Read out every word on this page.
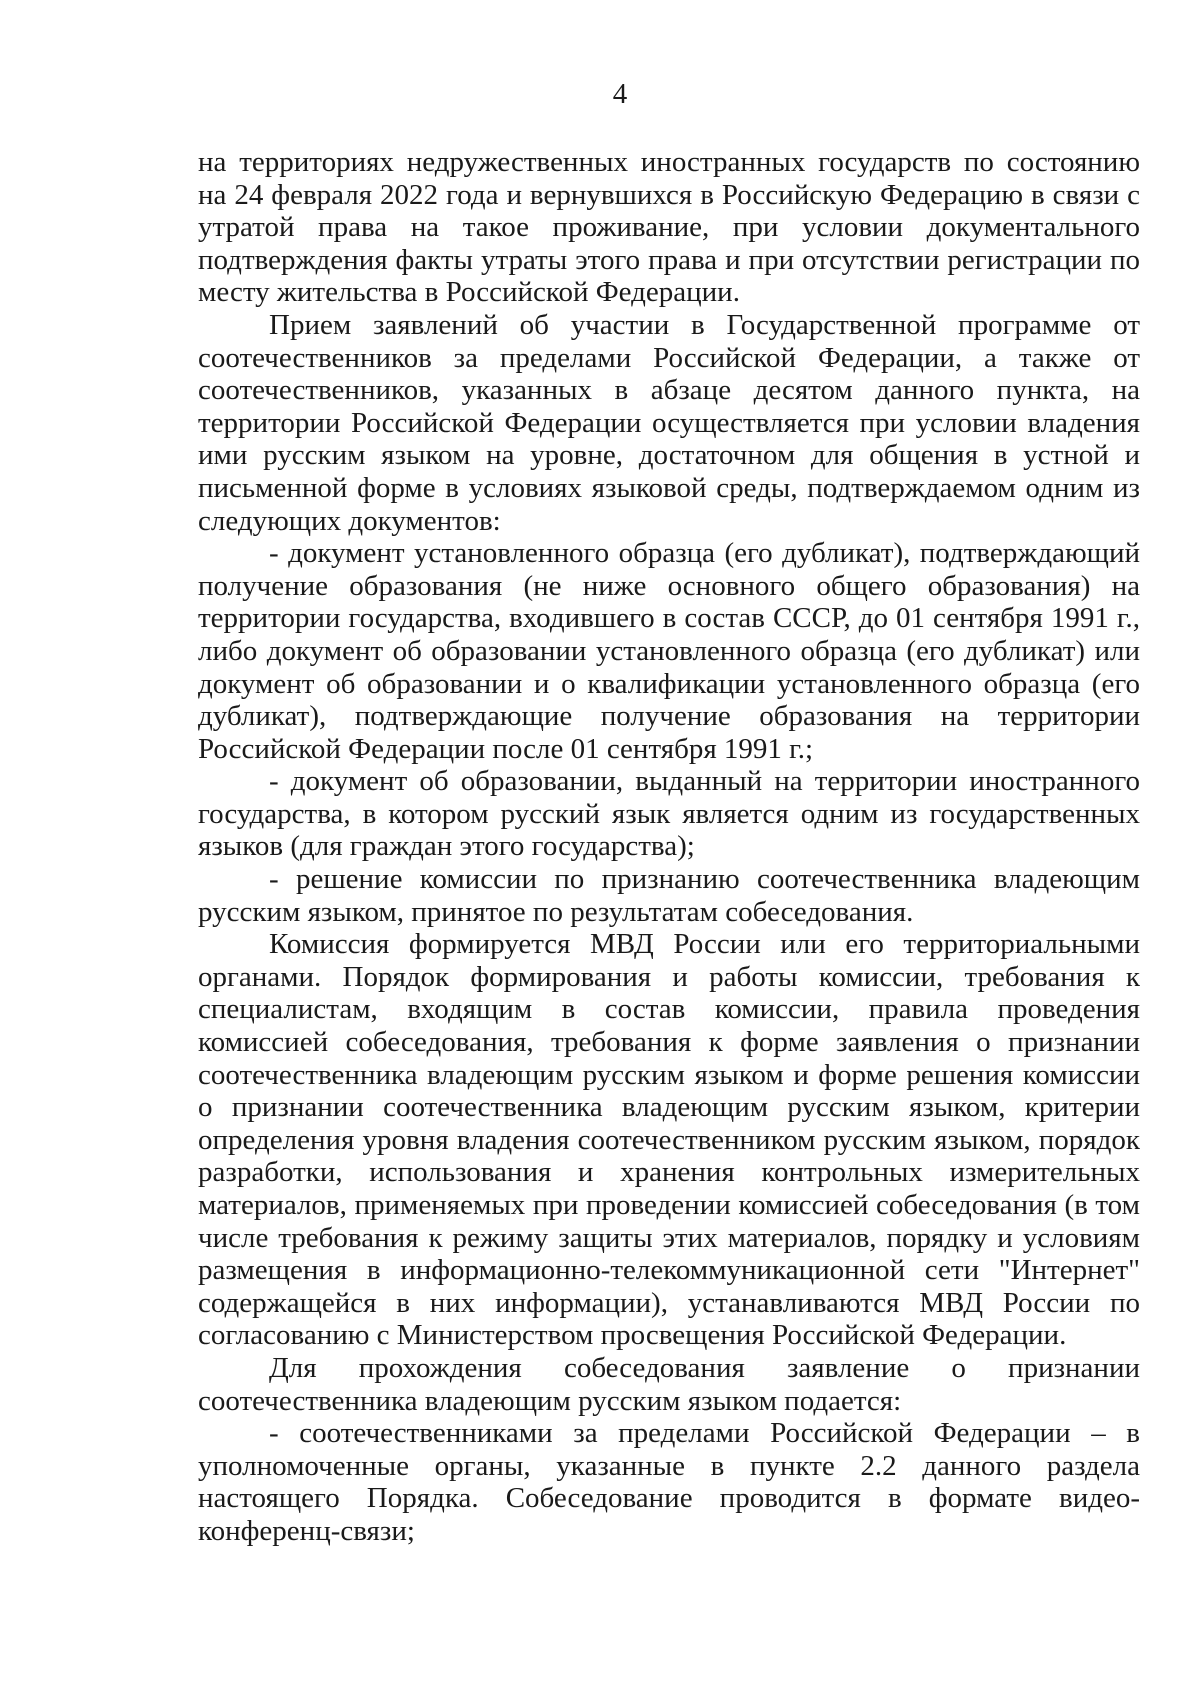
4

на территориях недружественных иностранных государств по состоянию на 24 февраля 2022 года и вернувшихся в Российскую Федерацию в связи с утратой права на такое проживание, при условии документального подтверждения факты утраты этого права и при отсутствии регистрации по месту жительства в Российской Федерации.

Прием заявлений об участии в Государственной программе от соотечественников за пределами Российской Федерации, а также от соотечественников, указанных в абзаце десятом данного пункта, на территории Российской Федерации осуществляется при условии владения ими русским языком на уровне, достаточном для общения в устной и письменной форме в условиях языковой среды, подтверждаемом одним из следующих документов:

- документ установленного образца (его дубликат), подтверждающий получение образования (не ниже основного общего образования) на территории государства, входившего в состав СССР, до 01 сентября 1991 г., либо документ об образовании установленного образца (его дубликат) или документ об образовании и о квалификации установленного образца (его дубликат), подтверждающие получение образования на территории Российской Федерации после 01 сентября 1991 г.;

- документ об образовании, выданный на территории иностранного государства, в котором русский язык является одним из государственных языков (для граждан этого государства);

- решение комиссии по признанию соотечественника владеющим русским языком, принятое по результатам собеседования.

Комиссия формируется МВД России или его территориальными органами. Порядок формирования и работы комиссии, требования к специалистам, входящим в состав комиссии, правила проведения комиссией собеседования, требования к форме заявления о признании соотечественника владеющим русским языком и форме решения комиссии о признании соотечественника владеющим русским языком, критерии определения уровня владения соотечественником русским языком, порядок разработки, использования и хранения контрольных измерительных материалов, применяемых при проведении комиссией собеседования (в том числе требования к режиму защиты этих материалов, порядку и условиям размещения в информационно-телекоммуникационной сети "Интернет" содержащейся в них информации), устанавливаются МВД России по согласованию с Министерством просвещения Российской Федерации.

Для прохождения собеседования заявление о признании соотечественника владеющим русским языком подается:

- соотечественниками за пределами Российской Федерации – в уполномоченные органы, указанные в пункте 2.2 данного раздела настоящего Порядка. Собеседование проводится в формате видео-конференц-связи;
